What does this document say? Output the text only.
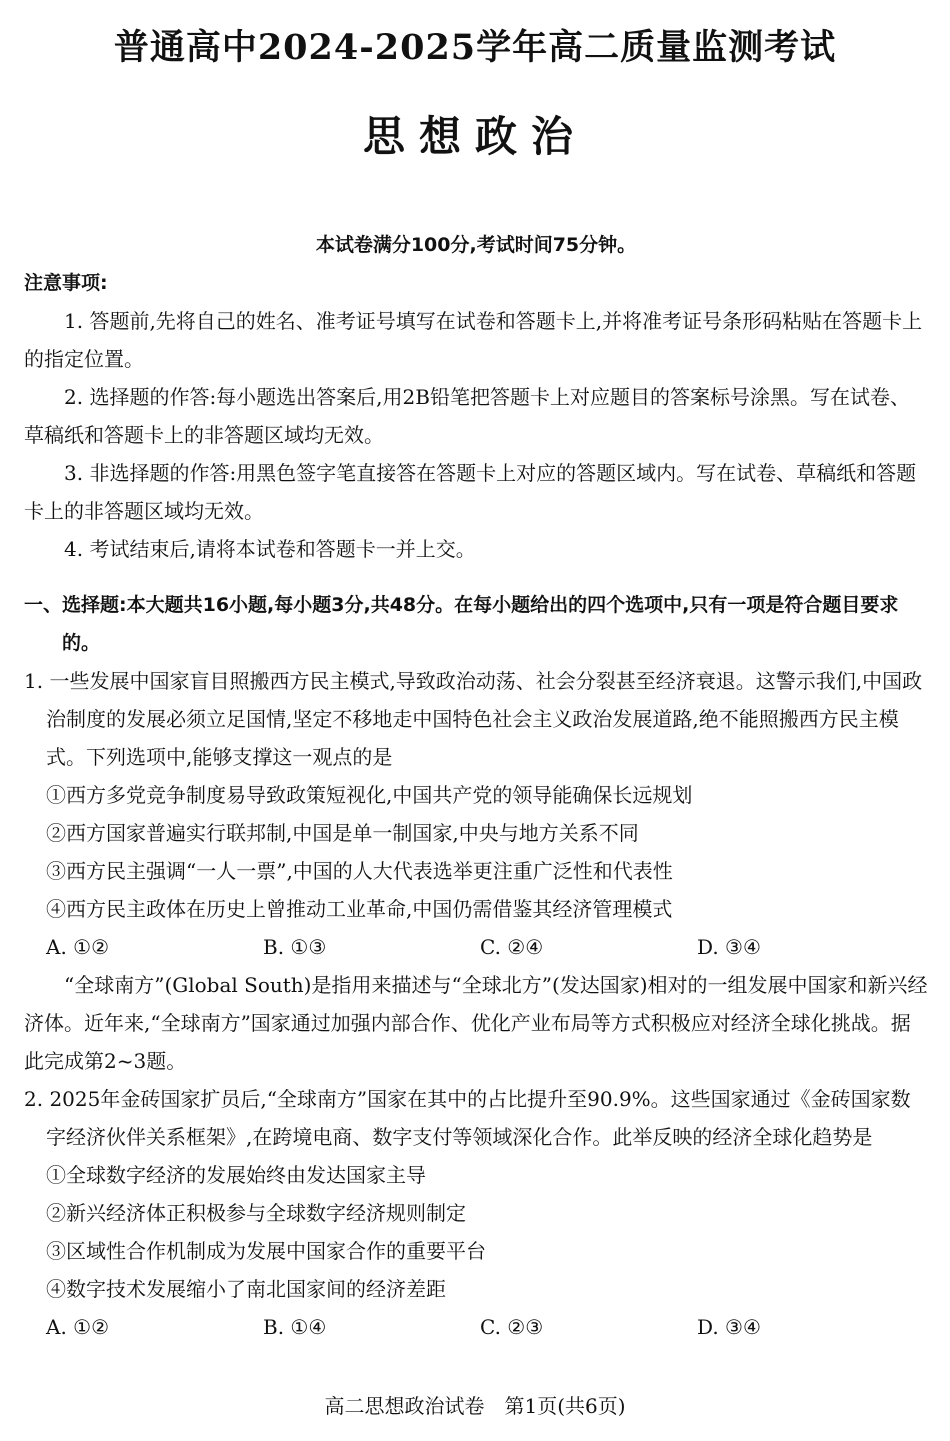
普通高中2024-2025学年高二质量监测考试
思想政治

本试卷满分100分,考试时间75分钟。

注意事项:

1. 答题前,先将自己的姓名、准考证号填写在试卷和答题卡上,并将准考证号条形码粘贴在答题卡上的指定位置。

2. 选择题的作答:每小题选出答案后,用2B铅笔把答题卡上对应题目的答案标号涂黑。写在试卷、草稿纸和答题卡上的非答题区域均无效。

3. 非选择题的作答:用黑色签字笔直接答在答题卡上对应的答题区域内。写在试卷、草稿纸和答题卡上的非答题区域均无效。

4. 考试结束后,请将本试卷和答题卡一并上交。

一、选择题:本大题共16小题,每小题3分,共48分。在每小题给出的四个选项中,只有一项是符合题目要求的。

1. 一些发展中国家盲目照搬西方民主模式,导致政治动荡、社会分裂甚至经济衰退。这警示我们,中国政治制度的发展必须立足国情,坚定不移地走中国特色社会主义政治发展道路,绝不能照搬西方民主模式。下列选项中,能够支撑这一观点的是

①西方多党竞争制度易导致政策短视化,中国共产党的领导能确保长远规划

②西方国家普遍实行联邦制,中国是单一制国家,中央与地方关系不同

③西方民主强调“一人一票”,中国的人大代表选举更注重广泛性和代表性

④西方民主政体在历史上曾推动工业革命,中国仍需借鉴其经济管理模式

A. ①②	B. ①③	C. ②④	D. ③④

“全球南方”(Global South)是指用来描述与“全球北方”(发达国家)相对的一组发展中国家和新兴经济体。近年来,“全球南方”国家通过加强内部合作、优化产业布局等方式积极应对经济全球化挑战。据此完成第2~3题。

2. 2025年金砖国家扩员后,“全球南方”国家在其中的占比提升至90.9%。这些国家通过《金砖国家数字经济伙伴关系框架》,在跨境电商、数字支付等领域深化合作。此举反映的经济全球化趋势是

①全球数字经济的发展始终由发达国家主导

②新兴经济体正积极参与全球数字经济规则制定

③区域性合作机制成为发展中国家合作的重要平台

④数字技术发展缩小了南北国家间的经济差距

A. ①②	B. ①④	C. ②③	D. ③④
高二思想政治试卷　第1页(共6页)
